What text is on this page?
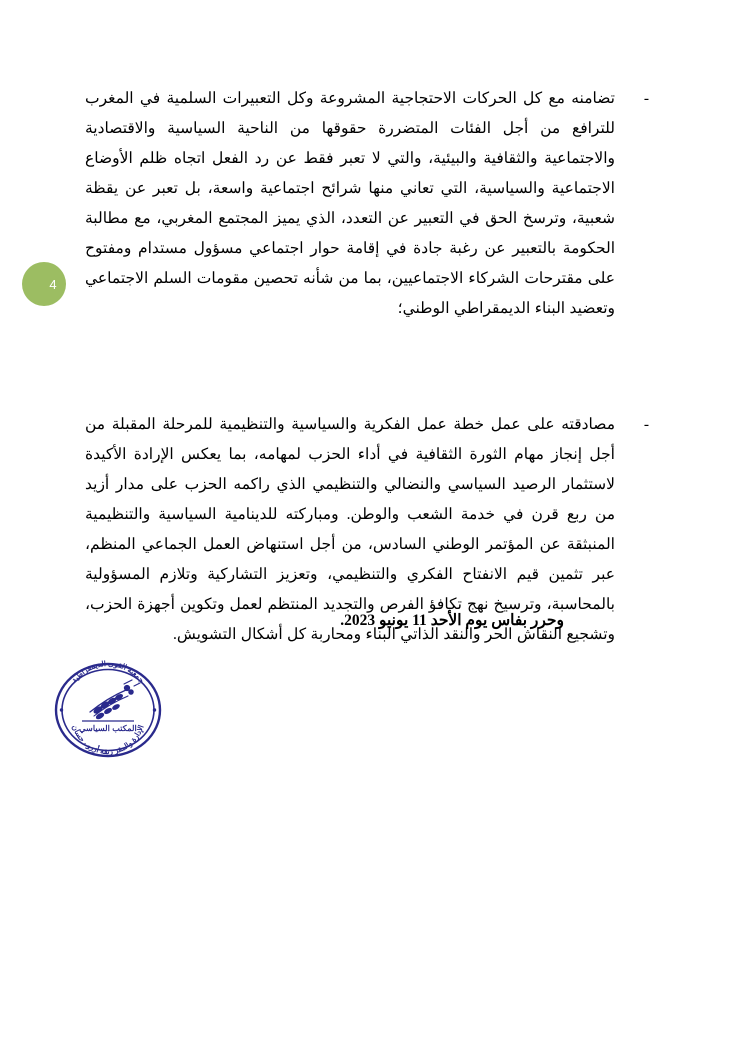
4
-
تضامنه مع كل الحركات الاحتجاجية المشروعة وكل التعبيرات السلمية في المغرب للترافع من أجل الفئات المتضررة حقوقها من الناحية السياسية والاقتصادية والاجتماعية والثقافية والبيئية، والتي لا تعبر فقط عن رد الفعل اتجاه ظلم الأوضاع الاجتماعية والسياسية، التي تعاني منها شرائح اجتماعية واسعة، بل تعبر عن يقظة شعبية، وترسخ الحق في التعبير عن التعدد، الذي يميز المجتمع المغربي، مع مطالبة الحكومة بالتعبير عن رغبة جادة في إقامة حوار اجتماعي مسؤول مستدام ومفتوح على مقترحات الشركاء الاجتماعيين، بما من شأنه تحصين مقومات السلم الاجتماعي وتعضيد البناء الديمقراطي الوطني؛
-
مصادقته على عمل خطة عمل الفكرية والسياسية والتنظيمية للمرحلة المقبلة من أجل إنجاز مهام الثورة الثقافية في أداء الحزب لمهامه، بما يعكس الإرادة الأكيدة لاستثمار الرصيد السياسي والنضالي والتنظيمي الذي راكمه الحزب على مدار أزيد من ربع قرن في خدمة الشعب والوطن. ومباركته للدينامية السياسية والتنظيمية المنبثقة عن المؤتمر الوطني السادس، من أجل استنهاض العمل الجماعي المنظم، عبر تثمين قيم الانفتاح الفكري والتنظيمي، وتعزيز التشاركية وتلازم المسؤولية بالمحاسبة، وترسيخ نهج تكافؤ الفرص والتجديد المنتظم لعمل وتكوين أجهزة الحزب، وتشجيع النقاش الحر والنقد الذاتي البناء ومحاربة كل أشكال التشويش.
وحرر بفاس يوم الأحد 11 يونيو 2023.
جمعية القوى الديمقراطية
الإدارة والمقر زنقة أزرو ، حسان
المكتب السياسي
